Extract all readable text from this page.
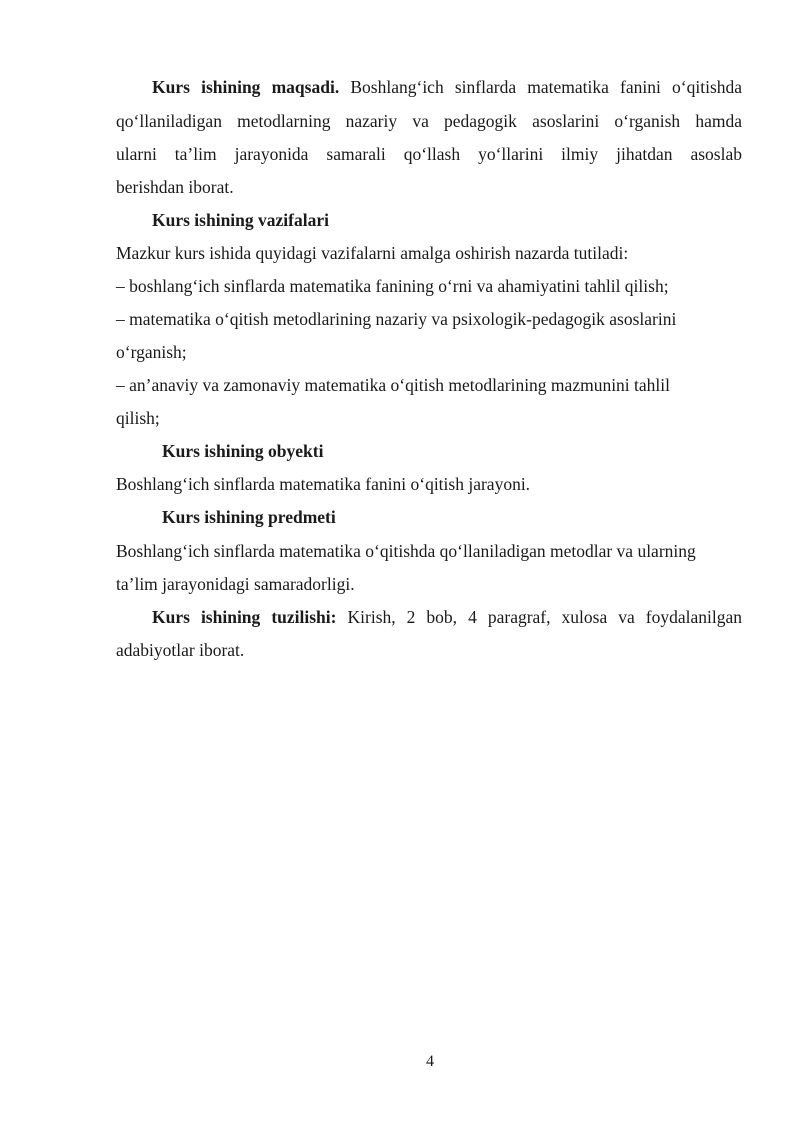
Kurs ishining maqsadi. Boshlang‘ich sinflarda matematika fanini o‘qitishda
qo‘llaniladigan metodlarning nazariy va pedagogik asoslarini o‘rganish hamda
ularni ta’lim jarayonida samarali qo‘llash yo‘llarini ilmiy jihatdan asoslab
berishdan iborat.
Kurs ishining vazifalari
Mazkur kurs ishida quyidagi vazifalarni amalga oshirish nazarda tutiladi:
– boshlang‘ich sinflarda matematika fanining o‘rni va ahamiyatini tahlil qilish;
– matematika o‘qitish metodlarining nazariy va psixologik-pedagogik asoslarini
o‘rganish;
– an’anaviy va zamonaviy matematika o‘qitish metodlarining mazmunini tahlil
qilish;
Kurs ishining obyekti
Boshlang‘ich sinflarda matematika fanini o‘qitish jarayoni.
Kurs ishining predmeti
Boshlang‘ich sinflarda matematika o‘qitishda qo‘llaniladigan metodlar va ularning
ta’lim jarayonidagi samaradorligi.
Kurs ishining tuzilishi: Kirish, 2 bob, 4 paragraf, xulosa va foydalanilgan
adabiyotlar iborat.
4
